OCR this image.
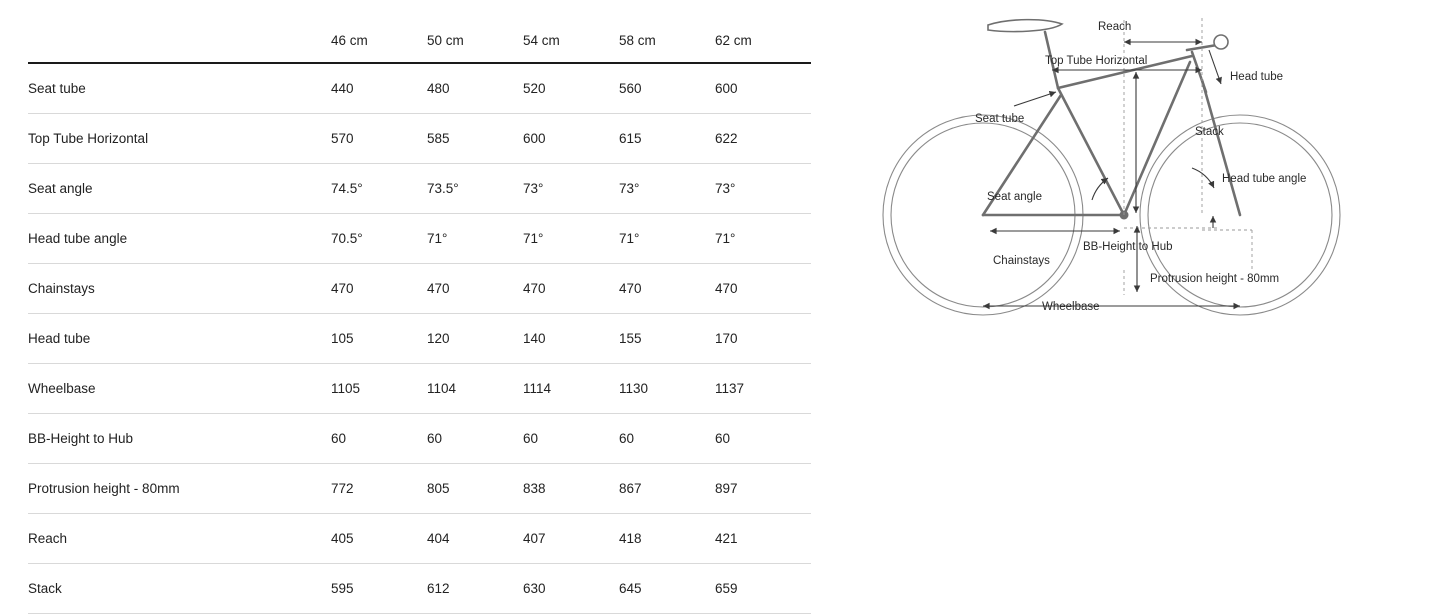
	46 cm	50 cm	54 cm	58 cm	62 cm
Seat tube	440	480	520	560	600
Top Tube Horizontal	570	585	600	615	622
Seat angle	74.5°	73.5°	73°	73°	73°
Head tube angle	70.5°	71°	71°	71°	71°
Chainstays	470	470	470	470	470
Head tube	105	120	140	155	170
Wheelbase	1105	1104	1114	1130	1137
BB-Height to Hub	60	60	60	60	60
Protrusion height - 80mm	772	805	838	867	897
Reach	405	404	407	418	421
Stack	595	612	630	645	659
Reach
Top Tube Horizontal
Head tube
Seat tube
Stack
Head tube angle
Seat angle
BB-Height to Hub
Chainstays
Protrusion height - 80mm
Wheelbase
